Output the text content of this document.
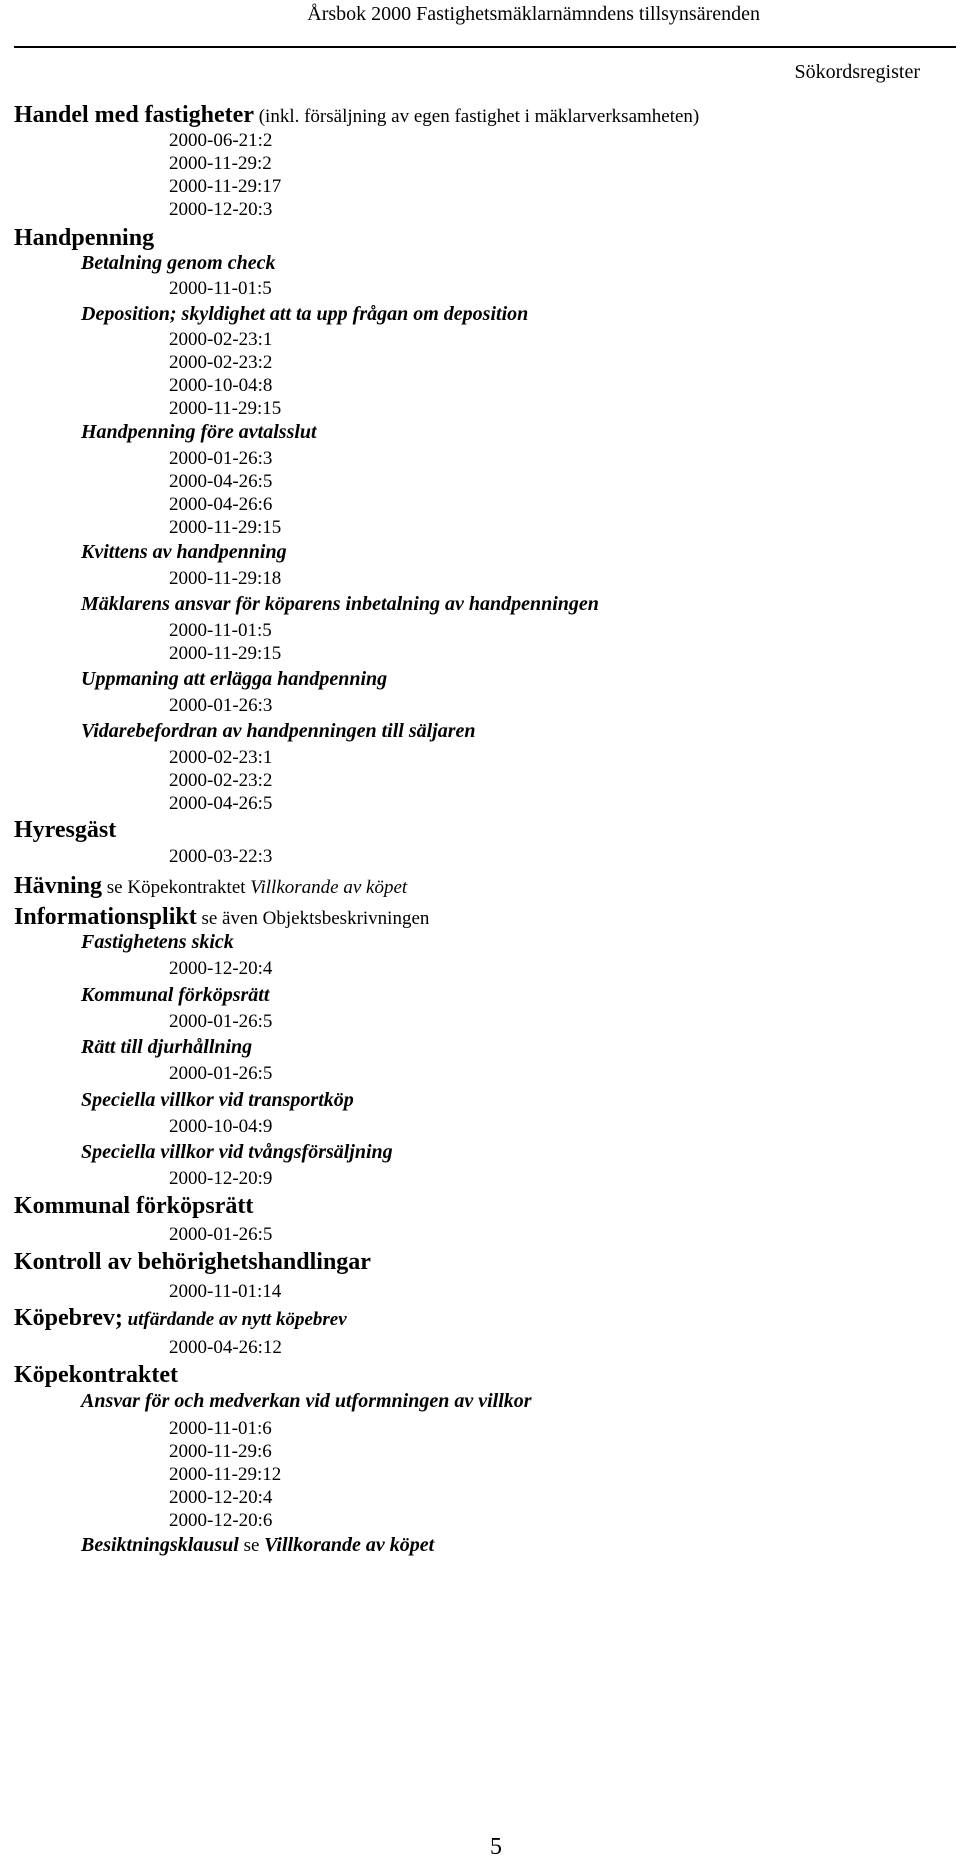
Årsbok 2000 Fastighetsmäklarnämndens tillsynsärenden
Sökordsregister
Handel med fastigheter (inkl. försäljning av egen fastighet i mäklarverksamheten)
2000-06-21:2
2000-11-29:2
2000-11-29:17
2000-12-20:3
Handpenning
Betalning genom check
2000-11-01:5
Deposition; skyldighet att ta upp frågan om deposition
2000-02-23:1
2000-02-23:2
2000-10-04:8
2000-11-29:15
Handpenning före avtalsslut
2000-01-26:3
2000-04-26:5
2000-04-26:6
2000-11-29:15
Kvittens av handpenning
2000-11-29:18
Mäklarens ansvar för köparens inbetalning av handpenningen
2000-11-01:5
2000-11-29:15
Uppmaning att erlägga handpenning
2000-01-26:3
Vidarebefordran av handpenningen till säljaren
2000-02-23:1
2000-02-23:2
2000-04-26:5
Hyresgäst
2000-03-22:3
Hävning se Köpekontraktet Villkorande av köpet
Informationsplikt se även Objektsbeskrivningen
Fastighetens skick
2000-12-20:4
Kommunal förköpsrätt
2000-01-26:5
Rätt till djurhållning
2000-01-26:5
Speciella villkor vid transportköp
2000-10-04:9
Speciella villkor vid tvångsförsäljning
2000-12-20:9
Kommunal förköpsrätt
2000-01-26:5
Kontroll av behörighetshandlingar
2000-11-01:14
Köpebrev; utfärdande av nytt köpebrev
2000-04-26:12
Köpekontraktet
Ansvar för och medverkan vid utformningen av villkor
2000-11-01:6
2000-11-29:6
2000-11-29:12
2000-12-20:4
2000-12-20:6
Besiktningsklausul se Villkorande av köpet
5
